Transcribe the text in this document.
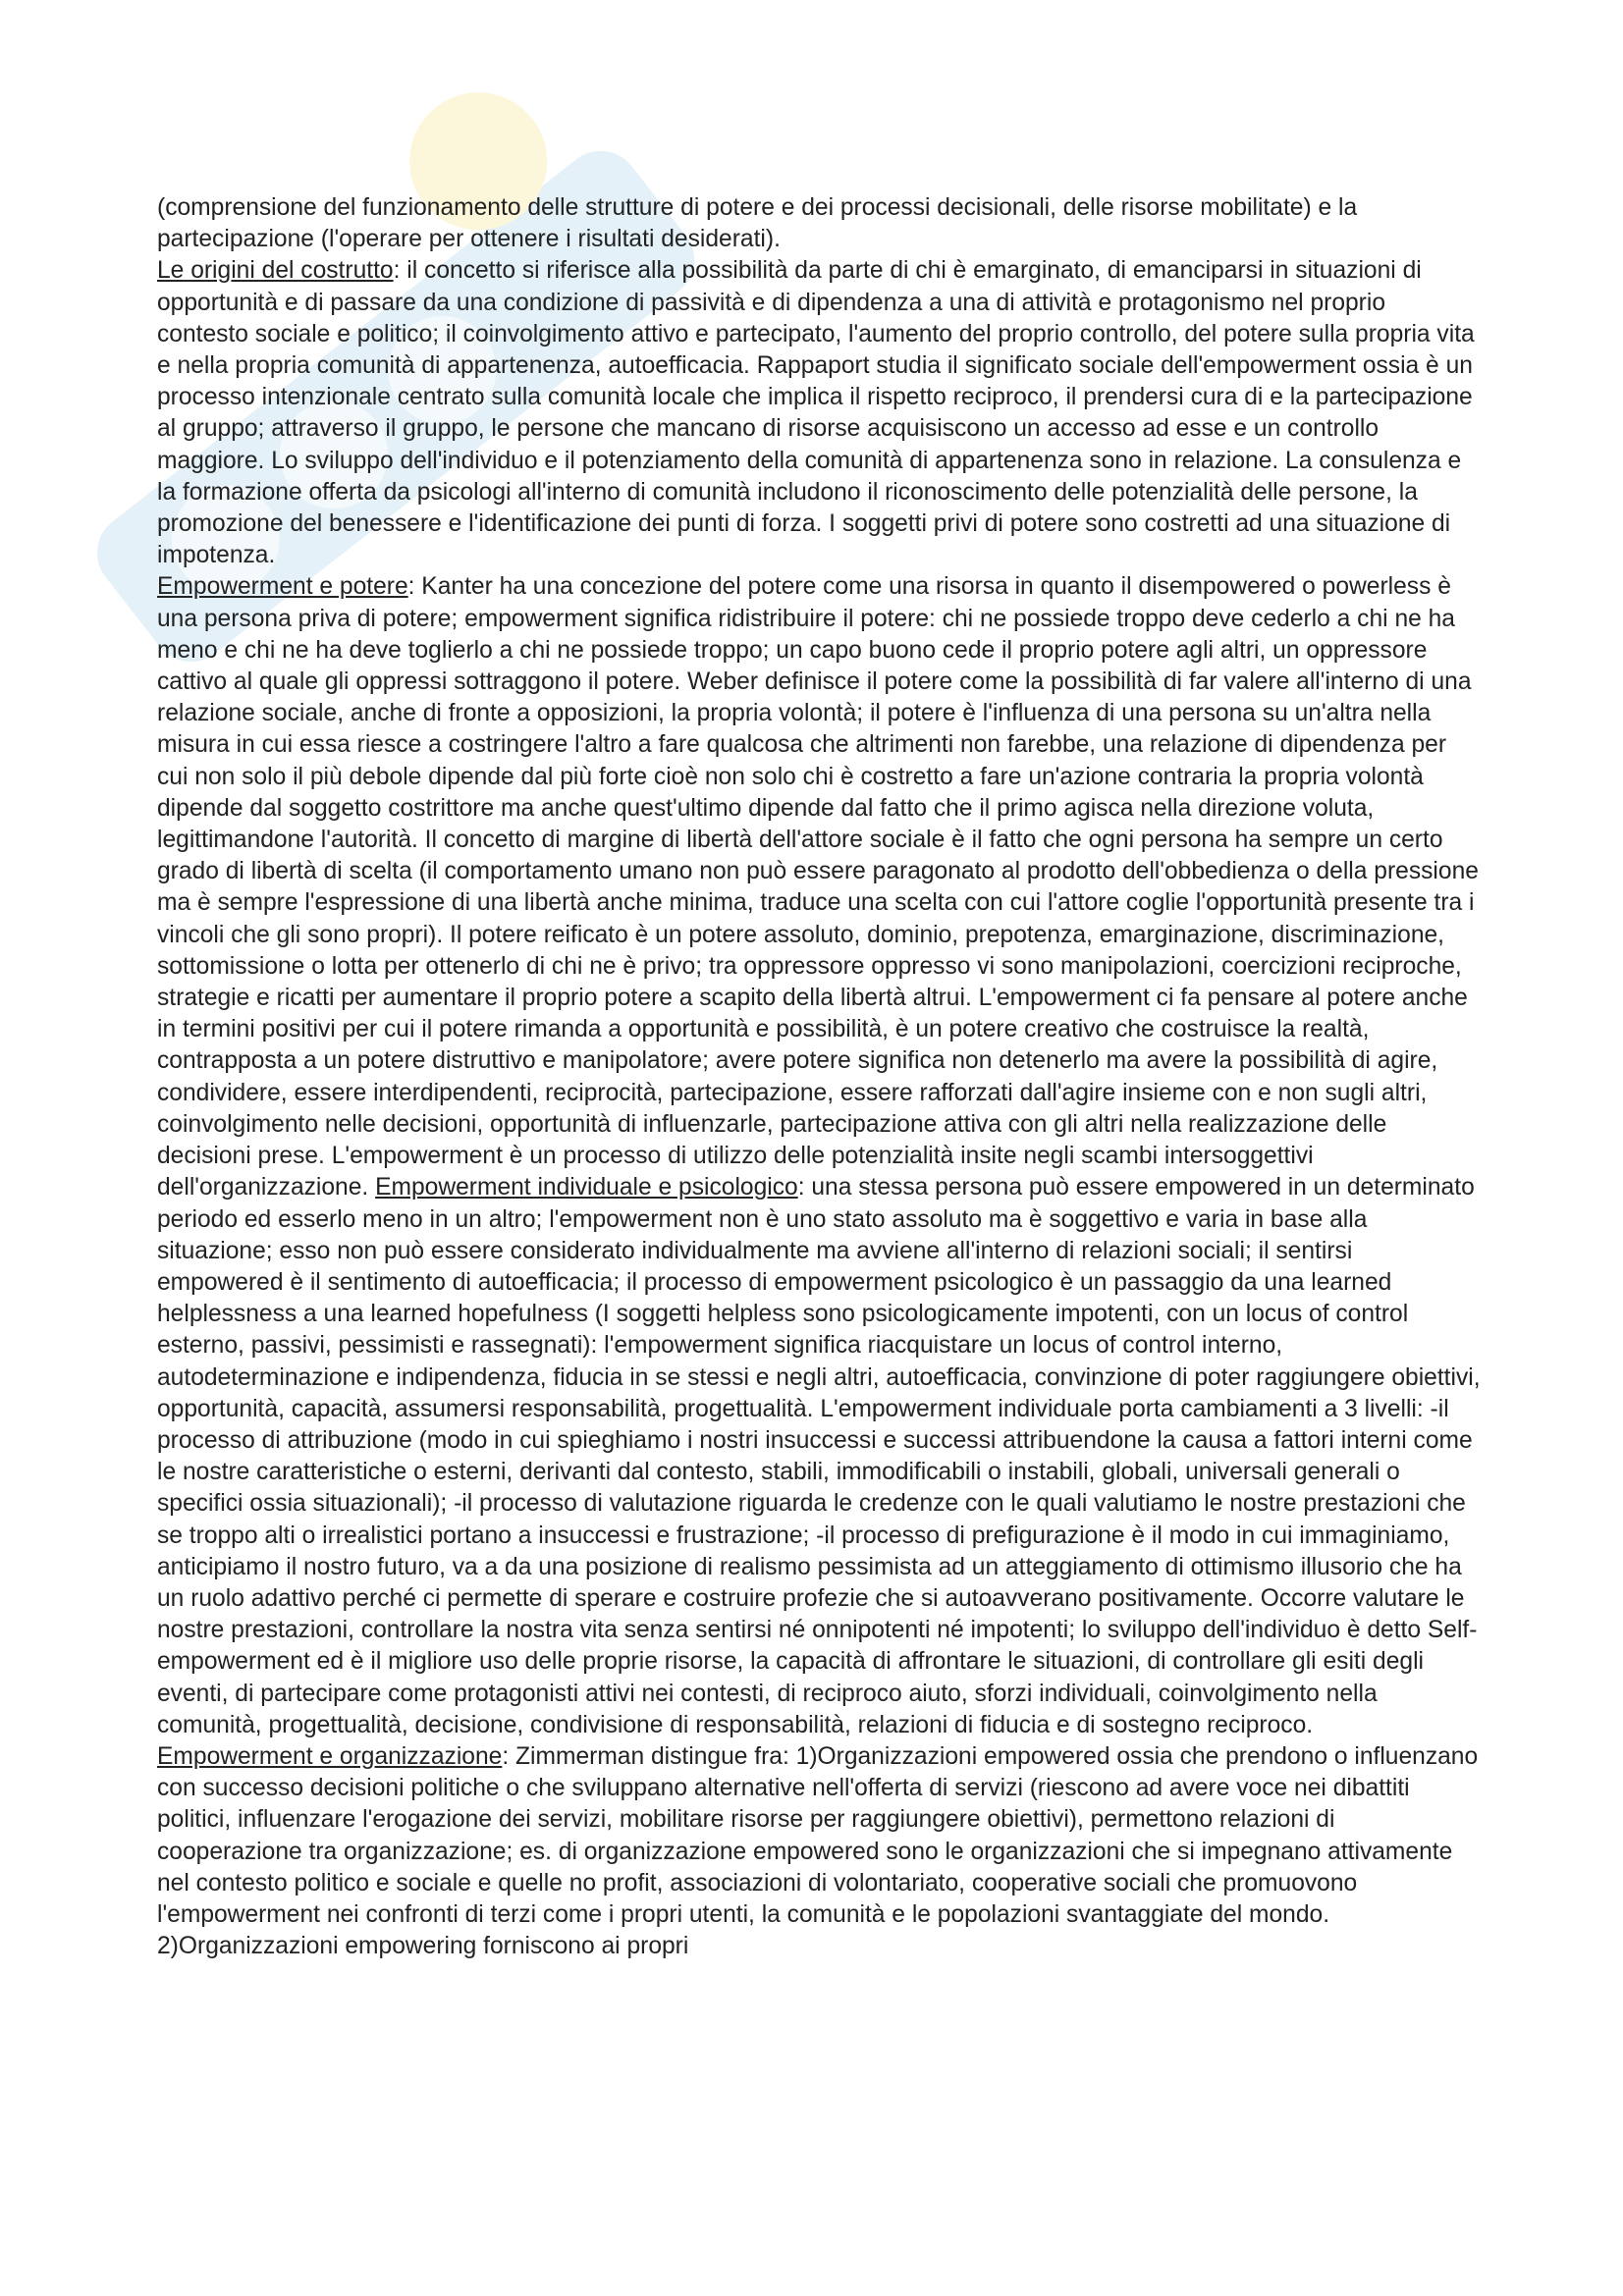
(comprensione del funzionamento delle strutture di potere e dei processi decisionali, delle risorse mobilitate) e la partecipazione (l'operare per ottenere i risultati desiderati).

Le origini del costrutto: il concetto si riferisce alla possibilità da parte di chi è emarginato, di emanciparsi in situazioni di opportunità e di passare da una condizione di passività e di dipendenza a una di attività e protagonismo nel proprio contesto sociale e politico; il coinvolgimento attivo e partecipato, l'aumento del proprio controllo, del potere sulla propria vita e nella propria comunità di appartenenza, autoefficacia. Rappaport studia il significato sociale dell'empowerment ossia è un processo intenzionale centrato sulla comunità locale che implica il rispetto reciproco, il prendersi cura di e la partecipazione al gruppo; attraverso il gruppo, le persone che mancano di risorse acquisiscono un accesso ad esse e un controllo maggiore. Lo sviluppo dell'individuo e il potenziamento della comunità di appartenenza sono in relazione. La consulenza e la formazione offerta da psicologi all'interno di comunità includono il riconoscimento delle potenzialità delle persone, la promozione del benessere e l'identificazione dei punti di forza. I soggetti privi di potere sono costretti ad una situazione di impotenza.

Empowerment e potere: Kanter ha una concezione del potere come una risorsa in quanto il disempowered o powerless è una persona priva di potere; empowerment significa ridistribuire il potere: chi ne possiede troppo deve cederlo a chi ne ha meno e chi ne ha deve toglierlo a chi ne possiede troppo; un capo buono cede il proprio potere agli altri, un oppressore cattivo al quale gli oppressi sottraggono il potere. Weber definisce il potere come la possibilità di far valere all'interno di una relazione sociale, anche di fronte a opposizioni, la propria volontà; il potere è l'influenza di una persona su un'altra nella misura in cui essa riesce a costringere l'altro a fare qualcosa che altrimenti non farebbe, una relazione di dipendenza per cui non solo il più debole dipende dal più forte cioè non solo chi è costretto a fare un'azione contraria la propria volontà dipende dal soggetto costrittore ma anche quest'ultimo dipende dal fatto che il primo agisca nella direzione voluta, legittimandone l'autorità. Il concetto di margine di libertà dell'attore sociale è il fatto che ogni persona ha sempre un certo grado di libertà di scelta (il comportamento umano non può essere paragonato al prodotto dell'obbedienza o della pressione ma è sempre l'espressione di una libertà anche minima, traduce una scelta con cui l'attore coglie l'opportunità presente tra i vincoli che gli sono propri). Il potere reificato è un potere assoluto, dominio, prepotenza, emarginazione, discriminazione, sottomissione o lotta per ottenerlo di chi ne è privo; tra oppressore oppresso vi sono manipolazioni, coercizioni reciproche, strategie e ricatti per aumentare il proprio potere a scapito della libertà altrui. L'empowerment ci fa pensare al potere anche in termini positivi per cui il potere rimanda a opportunità e possibilità, è un potere creativo che costruisce la realtà, contrapposta a un potere distruttivo e manipolatore; avere potere significa non detenerlo ma avere la possibilità di agire, condividere, essere interdipendenti, reciprocità, partecipazione, essere rafforzati dall'agire insieme con e non sugli altri, coinvolgimento nelle decisioni, opportunità di influenzarle, partecipazione attiva con gli altri nella realizzazione delle decisioni prese. L'empowerment è un processo di utilizzo delle potenzialità insite negli scambi intersoggettivi dell'organizzazione. Empowerment individuale e psicologico: una stessa persona può essere empowered in un determinato periodo ed esserlo meno in un altro; l'empowerment non è uno stato assoluto ma è soggettivo e varia in base alla situazione; esso non può essere considerato individualmente ma avviene all'interno di relazioni sociali; il sentirsi empowered è il sentimento di autoefficacia; il processo di empowerment psicologico è un passaggio da una learned helplessness a una learned hopefulness (I soggetti helpless sono psicologicamente impotenti, con un locus of control esterno, passivi, pessimisti e rassegnati): l'empowerment significa riacquistare un locus of control interno, autodeterminazione e indipendenza, fiducia in se stessi e negli altri, autoefficacia, convinzione di poter raggiungere obiettivi, opportunità, capacità, assumersi responsabilità, progettualità. L'empowerment individuale porta cambiamenti a 3 livelli: -il processo di attribuzione (modo in cui spieghiamo i nostri insuccessi e successi attribuendone la causa a fattori interni come le nostre caratteristiche o esterni, derivanti dal contesto, stabili, immodificabili o instabili, globali, universali generali o specifici ossia situazionali); -il processo di valutazione riguarda le credenze con le quali valutiamo le nostre prestazioni che se troppo alti o irrealistici portano a insuccessi e frustrazione; -il processo di prefigurazione è il modo in cui immaginiamo, anticipiamo il nostro futuro, va a da una posizione di realismo pessimista ad un atteggiamento di ottimismo illusorio che ha un ruolo adattivo perché ci permette di sperare e costruire profezie che si autoavverano positivamente. Occorre valutare le nostre prestazioni, controllare la nostra vita senza sentirsi né onnipotenti né impotenti; lo sviluppo dell'individuo è detto Self-empowerment ed è il migliore uso delle proprie risorse, la capacità di affrontare le situazioni, di controllare gli esiti degli eventi, di partecipare come protagonisti attivi nei contesti, di reciproco aiuto, sforzi individuali, coinvolgimento nella comunità, progettualità, decisione, condivisione di responsabilità, relazioni di fiducia e di sostegno reciproco.

Empowerment e organizzazione: Zimmerman distingue fra: 1)Organizzazioni empowered ossia che prendono o influenzano con successo decisioni politiche o che sviluppano alternative nell'offerta di servizi (riescono ad avere voce nei dibattiti politici, influenzare l'erogazione dei servizi, mobilitare risorse per raggiungere obiettivi), permettono relazioni di cooperazione tra organizzazione; es. di organizzazione empowered sono le organizzazioni che si impegnano attivamente nel contesto politico e sociale e quelle no profit, associazioni di volontariato, cooperative sociali che promuovono l'empowerment nei confronti di terzi come i propri utenti, la comunità e le popolazioni svantaggiate del mondo. 2)Organizzazioni empowering forniscono ai propri
